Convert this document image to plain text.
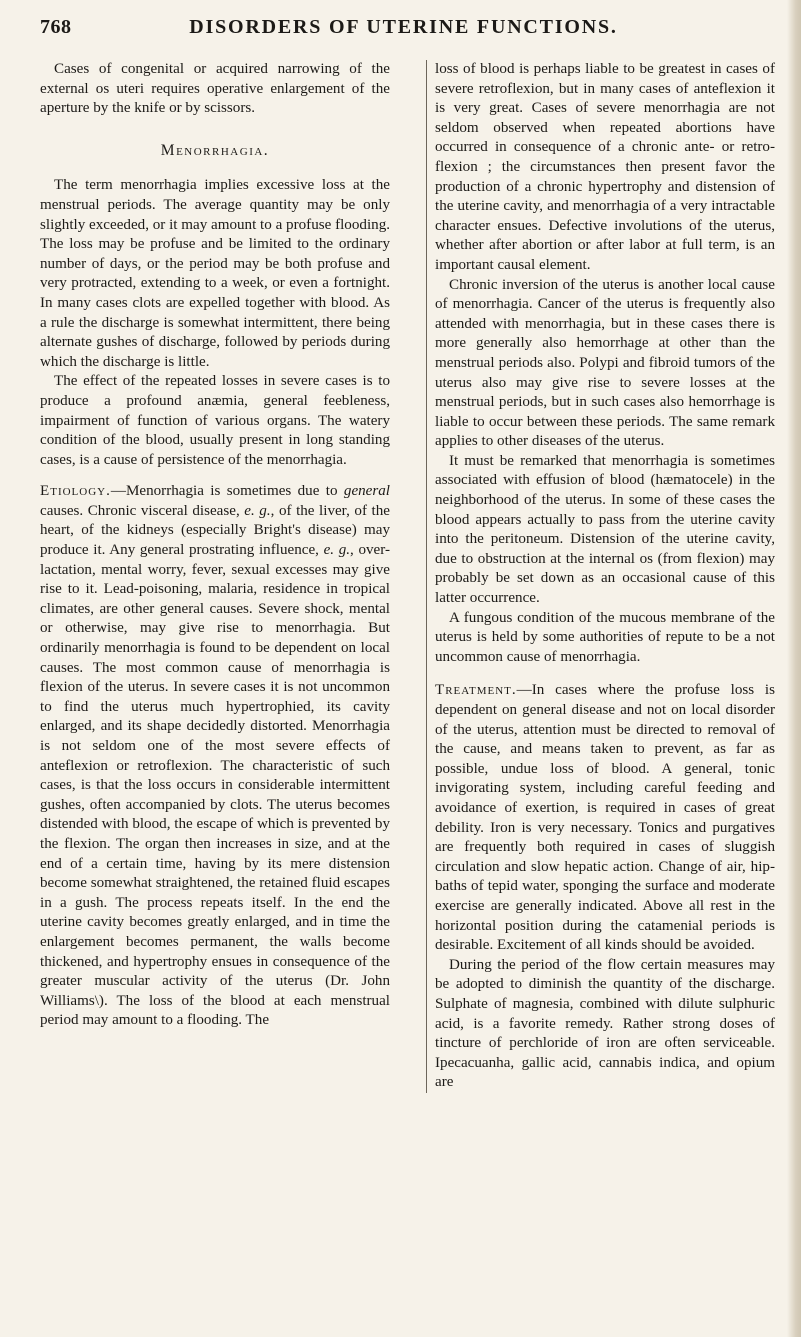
768	DISORDERS OF UTERINE FUNCTIONS.

Cases of congenital or acquired narrowing of the external os uteri requires operative enlargement of the aperture by the knife or by scissors.

Menorrhagia.

The term menorrhagia implies excessive loss at the menstrual periods. The average quantity may be only slightly exceeded, or it may amount to a profuse flooding. The loss may be profuse and be limited to the ordinary number of days, or the period may be both profuse and very protracted, extending to a week, or even a fortnight. In many cases clots are expelled together with blood. As a rule the discharge is somewhat intermittent, there being alternate gushes of discharge, followed by periods during which the discharge is little.

The effect of the repeated losses in severe cases is to produce a profound anæmia, general feebleness, impairment of function of various organs. The watery condition of the blood, usually present in long standing cases, is a cause of persistence of the menorrhagia.

Etiology.—Menorrhagia is sometimes due to general causes. Chronic visceral disease, e. g., of the liver, of the heart, of the kidneys (especially Bright's disease) may produce it. Any general prostrating influence, e. g., over-lactation, mental worry, fever, sexual excesses may give rise to it. Lead-poisoning, malaria, residence in tropical climates, are other general causes. Severe shock, mental or otherwise, may give rise to menorrhagia. But ordinarily menorrhagia is found to be dependent on local causes. The most common cause of menorrhagia is flexion of the uterus. In severe cases it is not uncommon to find the uterus much hypertrophied, its cavity enlarged, and its shape decidedly distorted. Menorrhagia is not seldom one of the most severe effects of anteflexion or retroflexion. The characteristic of such cases, is that the loss occurs in considerable intermittent gushes, often accompanied by clots. The uterus becomes distended with blood, the escape of which is prevented by the flexion. The organ then increases in size, and at the end of a certain time, having by its mere distension become somewhat straightened, the retained fluid escapes in a gush. The process repeats itself. In the end the uterine cavity becomes greatly enlarged, and in time the enlargement becomes permanent, the walls become thickened, and hypertrophy ensues in consequence of the greater muscular activity of the uterus (Dr. John Williams\). The loss of the blood at each menstrual period may amount to a flooding. The

loss of blood is perhaps liable to be greatest in cases of severe retroflexion, but in many cases of anteflexion it is very great. Cases of severe menorrhagia are not seldom observed when repeated abortions have occurred in consequence of a chronic ante- or retro-flexion ; the circumstances then present favor the production of a chronic hypertrophy and distension of the uterine cavity, and menorrhagia of a very intractable character ensues. Defective involutions of the uterus, whether after abortion or after labor at full term, is an important causal element.

Chronic inversion of the uterus is another local cause of menorrhagia. Cancer of the uterus is frequently also attended with menorrhagia, but in these cases there is more generally also hemorrhage at other than the menstrual periods also. Polypi and fibroid tumors of the uterus also may give rise to severe losses at the menstrual periods, but in such cases also hemorrhage is liable to occur between these periods. The same remark applies to other diseases of the uterus.

It must be remarked that menorrhagia is sometimes associated with effusion of blood (hæmatocele) in the neighborhood of the uterus. In some of these cases the blood appears actually to pass from the uterine cavity into the peritoneum. Distension of the uterine cavity, due to obstruction at the internal os (from flexion) may probably be set down as an occasional cause of this latter occurrence.

A fungous condition of the mucous membrane of the uterus is held by some authorities of repute to be a not uncommon cause of menorrhagia.

Treatment.—In cases where the profuse loss is dependent on general disease and not on local disorder of the uterus, attention must be directed to removal of the cause, and means taken to prevent, as far as possible, undue loss of blood. A general, tonic invigorating system, including careful feeding and avoidance of exertion, is required in cases of great debility. Iron is very necessary. Tonics and purgatives are frequently both required in cases of sluggish circulation and slow hepatic action. Change of air, hip-baths of tepid water, sponging the surface and moderate exercise are generally indicated. Above all rest in the horizontal position during the catamenial periods is desirable. Excitement of all kinds should be avoided.

During the period of the flow certain measures may be adopted to diminish the quantity of the discharge. Sulphate of magnesia, combined with dilute sulphuric acid, is a favorite remedy. Rather strong doses of tincture of perchloride of iron are often serviceable. Ipecacuanha, gallic acid, cannabis indica, and opium are
